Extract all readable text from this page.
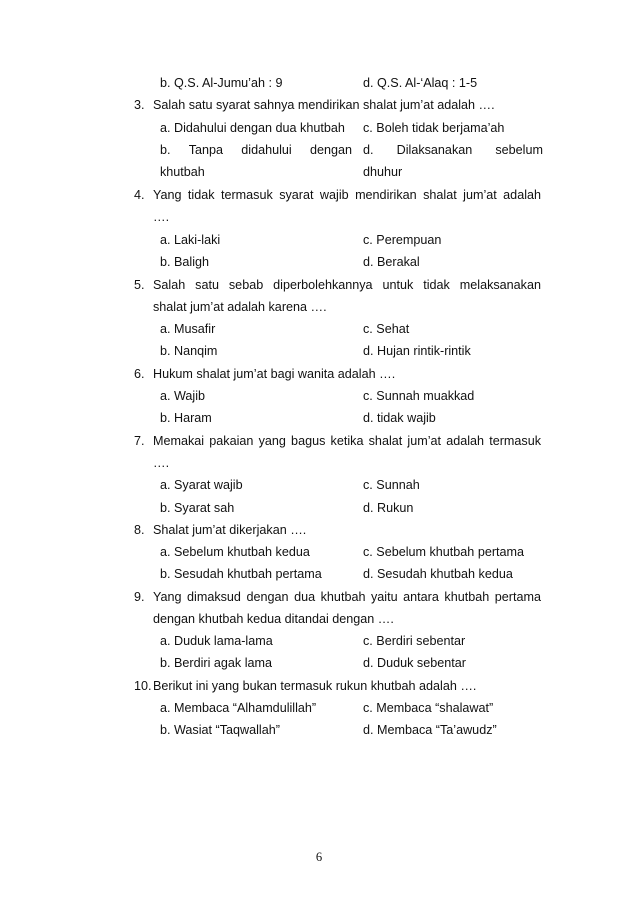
b. Q.S. Al-Jumu’ah : 9	d. Q.S. Al-‘Alaq : 1-5
3. Salah satu syarat sahnya mendirikan shalat jum’at adalah ….
a. Didahului dengan dua khutbah c. Boleh tidak berjama’ah
b. Tanpa didahului dengan d. Dilaksanakan sebelum
khutbah	dhuhur
4. Yang tidak termasuk syarat wajib mendirikan shalat jum’at adalah
….
a. Laki-laki	c. Perempuan
b. Baligh	d. Berakal
5. Salah satu sebab diperbolehkannya untuk tidak melaksanakan
shalat jum’at adalah karena ….
a. Musafir	c. Sehat
b. Nanqim	d. Hujan rintik-rintik
6. Hukum shalat jum’at bagi wanita adalah ….
a. Wajib	c. Sunnah muakkad
b. Haram	d. tidak wajib
7. Memakai pakaian yang bagus ketika shalat jum’at adalah termasuk
….
a. Syarat wajib	c. Sunnah
b. Syarat sah	d. Rukun
8. Shalat jum’at dikerjakan ….
a. Sebelum khutbah kedua	c. Sebelum khutbah pertama
b. Sesudah khutbah pertama	d. Sesudah khutbah kedua
9. Yang dimaksud dengan dua khutbah yaitu antara khutbah pertama
dengan khutbah kedua ditandai dengan ….
a. Duduk lama-lama	c. Berdiri sebentar
b. Berdiri agak lama	d. Duduk sebentar
10. Berikut ini yang bukan termasuk rukun khutbah adalah ….
a. Membaca “Alhamdulillah”	c. Membaca “shalawat”
b. Wasiat “Taqwallah”	d. Membaca “Ta’awudz”
6
